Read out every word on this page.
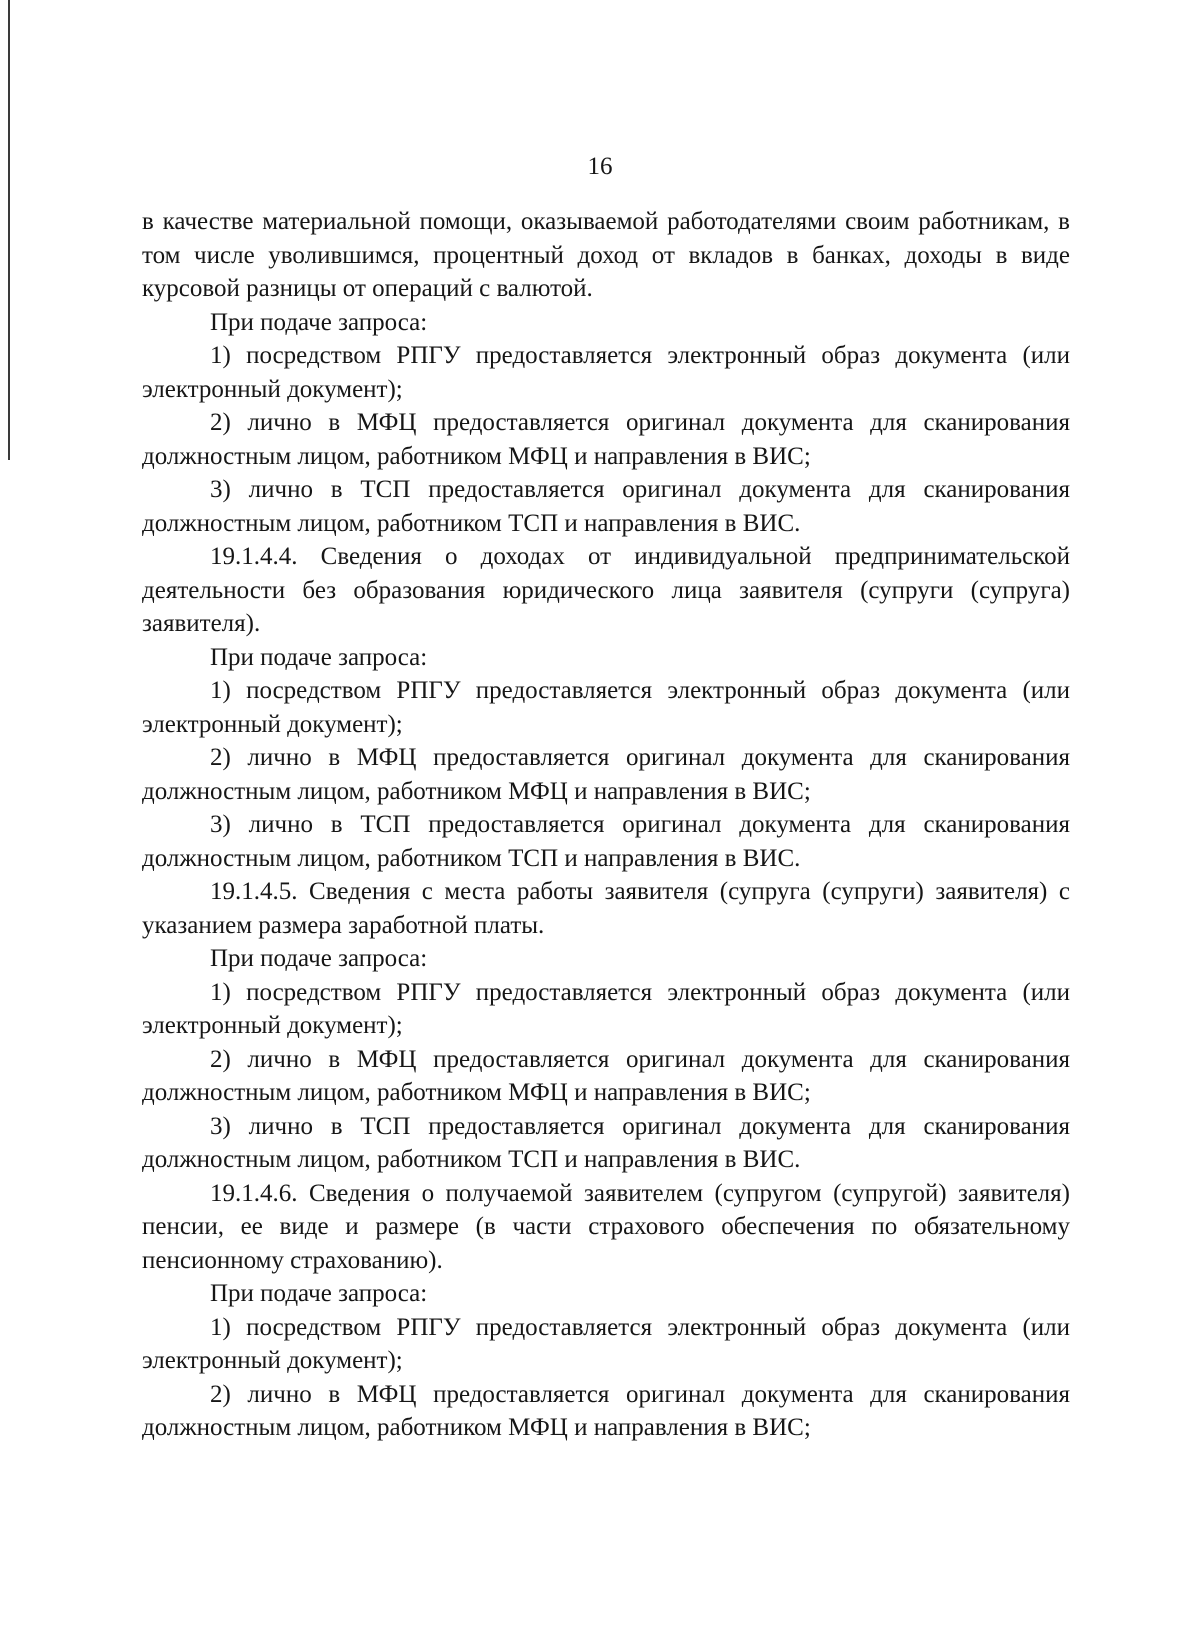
16

в качестве материальной помощи, оказываемой работодателями своим работникам, в том числе уволившимся, процентный доход от вкладов в банках, доходы в виде курсовой разницы от операций с валютой.

При подаче запроса:

1) посредством РПГУ предоставляется электронный образ документа (или электронный документ);

2) лично в МФЦ предоставляется оригинал документа для сканирования должностным лицом, работником МФЦ и направления в ВИС;

3) лично в ТСП предоставляется оригинал документа для сканирования должностным лицом, работником ТСП и направления в ВИС.

19.1.4.4. Сведения о доходах от индивидуальной предпринимательской деятельности без образования юридического лица заявителя (супруги (супруга) заявителя).

При подаче запроса:

1) посредством РПГУ предоставляется электронный образ документа (или электронный документ);

2) лично в МФЦ предоставляется оригинал документа для сканирования должностным лицом, работником МФЦ и направления в ВИС;

3) лично в ТСП предоставляется оригинал документа для сканирования должностным лицом, работником ТСП и направления в ВИС.

19.1.4.5. Сведения с места работы заявителя (супруга (супруги) заявителя) с указанием размера заработной платы.

При подаче запроса:

1) посредством РПГУ предоставляется электронный образ документа (или электронный документ);

2) лично в МФЦ предоставляется оригинал документа для сканирования должностным лицом, работником МФЦ и направления в ВИС;

3) лично в ТСП предоставляется оригинал документа для сканирования должностным лицом, работником ТСП и направления в ВИС.

19.1.4.6. Сведения о получаемой заявителем (супругом (супругой) заявителя) пенсии, ее виде и размере (в части страхового обеспечения по обязательному пенсионному страхованию).

При подаче запроса:

1) посредством РПГУ предоставляется электронный образ документа (или электронный документ);

2) лично в МФЦ предоставляется оригинал документа для сканирования должностным лицом, работником МФЦ и направления в ВИС;
